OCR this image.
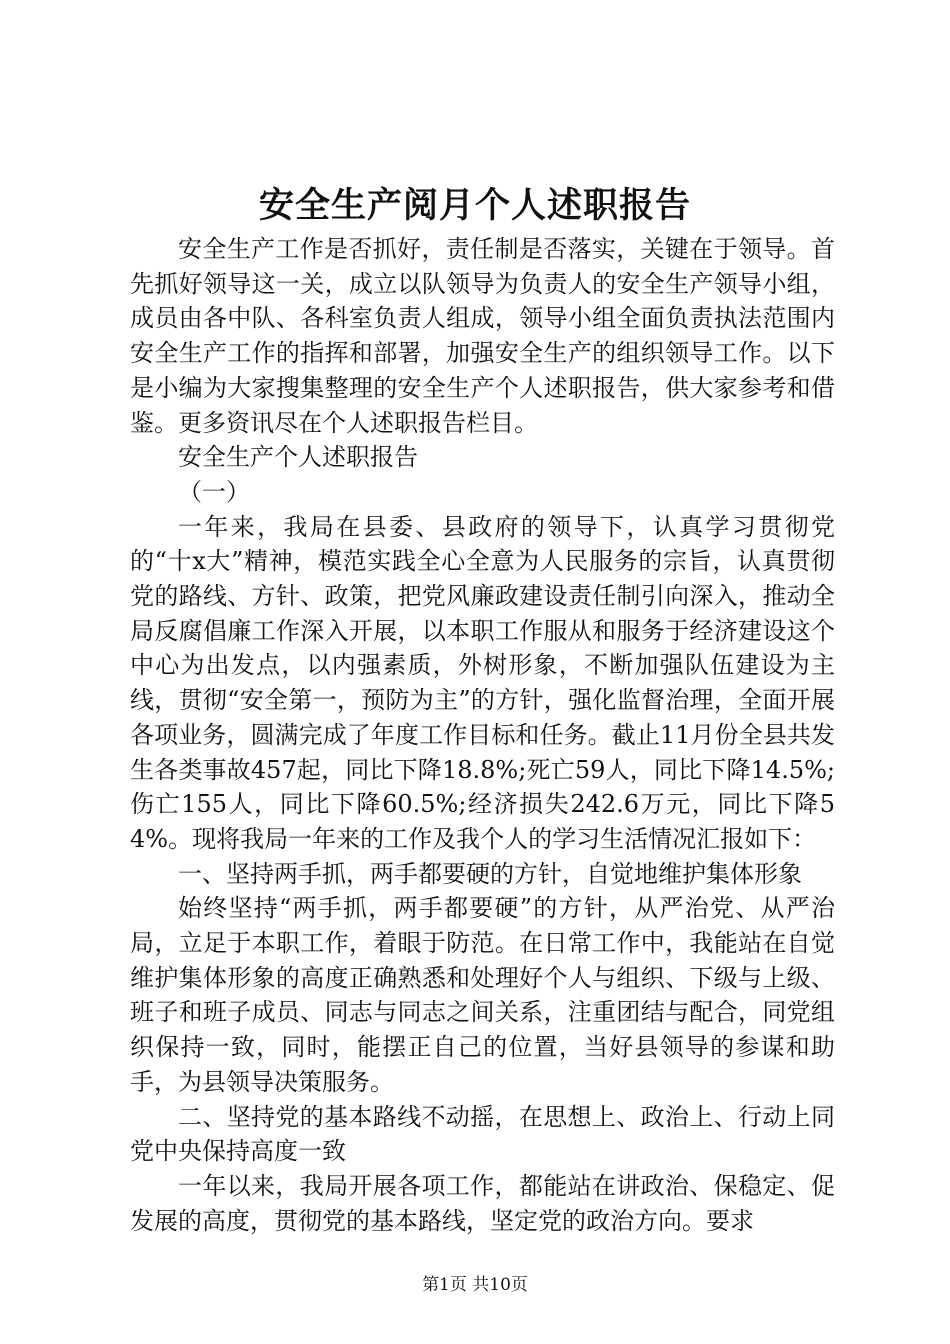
安全生产阅月个人述职报告

安全生产工作是否抓好，责任制是否落实，关键在于领导。首先抓好领导这一关，成立以队领导为负责人的安全生产领导小组，成员由各中队、各科室负责人组成，领导小组全面负责执法范围内安全生产工作的指挥和部署，加强安全生产的组织领导工作。以下是小编为大家搜集整理的安全生产个人述职报告，供大家参考和借鉴。更多资讯尽在个人述职报告栏目。

安全生产个人述职报告

（一）

一年来，我局在县委、县政府的领导下，认真学习贯彻党的“十x大”精神，模范实践全心全意为人民服务的宗旨，认真贯彻党的路线、方针、政策，把党风廉政建设责任制引向深入，推动全局反腐倡廉工作深入开展，以本职工作服从和服务于经济建设这个中心为出发点，以内强素质，外树形象，不断加强队伍建设为主线，贯彻“安全第一，预防为主”的方针，强化监督治理，全面开展各项业务，圆满完成了年度工作目标和任务。截止11月份全县共发生各类事故457起，同比下降18.8%;死亡59人，同比下降14.5%;伤亡155人，同比下降60.5%;经济损失242.6万元，同比下降54%。现将我局一年来的工作及我个人的学习生活情况汇报如下：

一、坚持两手抓，两手都要硬的方针，自觉地维护集体形象

始终坚持“两手抓，两手都要硬”的方针，从严治党、从严治局，立足于本职工作，着眼于防范。在日常工作中，我能站在自觉维护集体形象的高度正确熟悉和处理好个人与组织、下级与上级、班子和班子成员、同志与同志之间关系，注重团结与配合，同党组织保持一致，同时，能摆正自己的位置，当好县领导的参谋和助手，为县领导决策服务。

二、坚持党的基本路线不动摇，在思想上、政治上、行动上同党中央保持高度一致

一年以来，我局开展各项工作，都能站在讲政治、保稳定、促发展的高度，贯彻党的基本路线，坚定党的政治方向。要求

第1页 共10页
